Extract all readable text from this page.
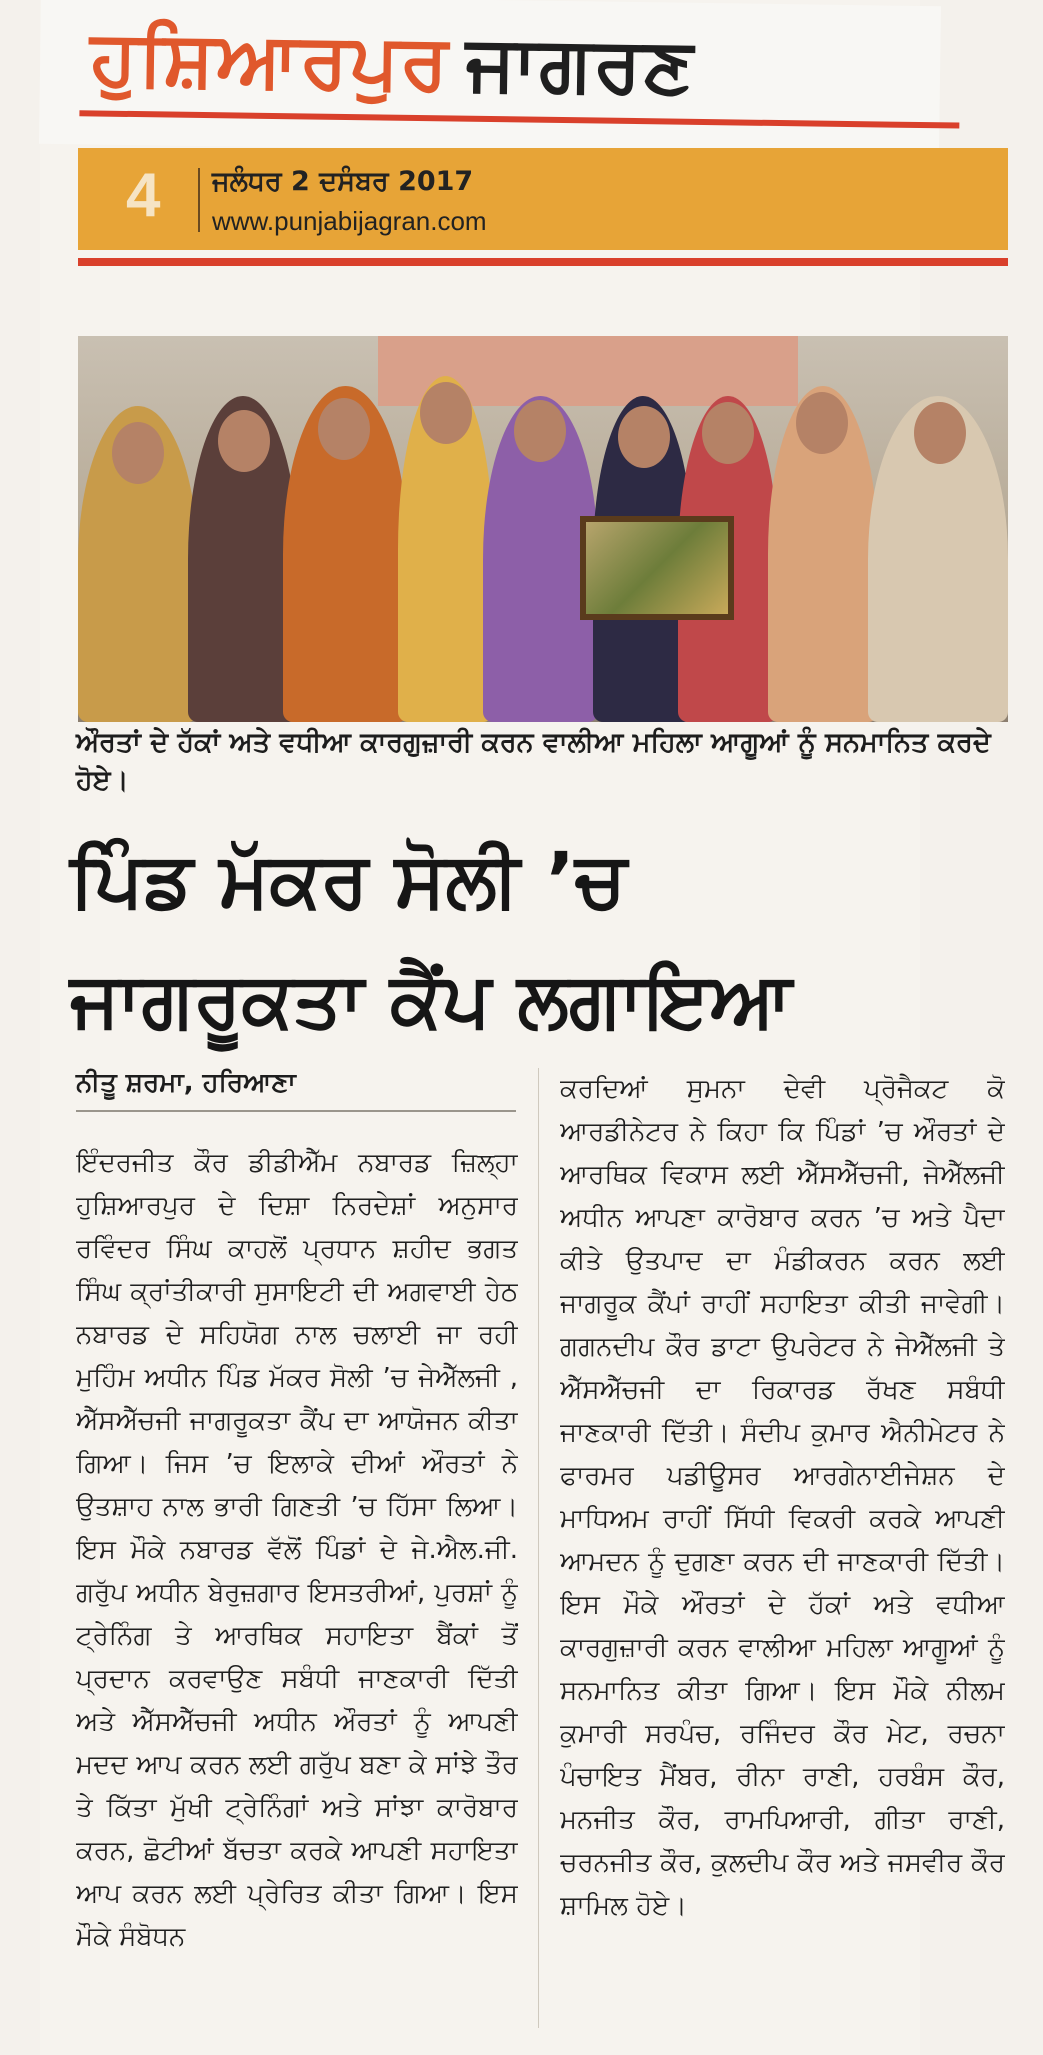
ਹੁਸ਼ਿਆਰਪੁਰ ਜਾਗਰਣ
4 ਜਲੰਧਰ 2 ਦਸੰਬਰ 2017
www.punjabijagran.com
ਔਰਤਾਂ ਦੇ ਹੱਕਾਂ ਅਤੇ ਵਧੀਆ ਕਾਰਗੁਜ਼ਾਰੀ ਕਰਨ ਵਾਲੀਆ ਮਹਿਲਾ ਆਗੂਆਂ ਨੂੰ ਸਨਮਾਨਿਤ ਕਰਦੇ ਹੋਏ।
ਪਿੰਡ ਮੱਕਰ ਸੋਲੀ ’ਚ
ਜਾਗਰੂਕਤਾ ਕੈਂਪ ਲਗਾਇਆ
ਨੀਤੂ ਸ਼ਰਮਾ, ਹਰਿਆਣਾ
ਇੰਦਰਜੀਤ ਕੌਰ ਡੀਡੀਐੱਮ ਨਬਾਰਡ ਜ਼ਿਲ੍ਹਾ ਹੁਸ਼ਿਆਰਪੁਰ ਦੇ ਦਿਸ਼ਾ ਨਿਰਦੇਸ਼ਾਂ ਅਨੁਸਾਰ ਰਵਿੰਦਰ ਸਿੰਘ ਕਾਹਲੋਂ ਪ੍ਰਧਾਨ ਸ਼ਹੀਦ ਭਗਤ ਸਿੰਘ ਕ੍ਰਾਂਤੀਕਾਰੀ ਸੁਸਾਇਟੀ ਦੀ ਅਗਵਾਈ ਹੇਠ ਨਬਾਰਡ ਦੇ ਸਹਿਯੋਗ ਨਾਲ ਚਲਾਈ ਜਾ ਰਹੀ ਮੁਹਿੰਮ ਅਧੀਨ ਪਿੰਡ ਮੱਕਰ ਸੋਲੀ ’ਚ ਜੇਐੱਲਜੀ , ਐੱਸਐੱਚਜੀ ਜਾਗਰੂਕਤਾ ਕੈਂਪ ਦਾ ਆਯੋਜਨ ਕੀਤਾ ਗਿਆ। ਜਿਸ ’ਚ ਇਲਾਕੇ ਦੀਆਂ ਔਰਤਾਂ ਨੇ ਉਤਸ਼ਾਹ ਨਾਲ ਭਾਰੀ ਗਿਣਤੀ ’ਚ ਹਿੱਸਾ ਲਿਆ। ਇਸ ਮੌਕੇ ਨਬਾਰਡ ਵੱਲੋਂ ਪਿੰਡਾਂ ਦੇ ਜੇ.ਐਲ.ਜੀ. ਗਰੁੱਪ ਅਧੀਨ ਬੇਰੁਜ਼ਗਾਰ ਇਸਤਰੀਆਂ, ਪੁਰਸ਼ਾਂ ਨੂੰ ਟ੍ਰੇਨਿੰਗ ਤੇ ਆਰਥਿਕ ਸਹਾਇਤਾ ਬੈਂਕਾਂ ਤੋਂ ਪ੍ਰਦਾਨ ਕਰਵਾਉਣ ਸਬੰਧੀ ਜਾਣਕਾਰੀ ਦਿੱਤੀ ਅਤੇ ਐੱਸਐੱਚਜੀ ਅਧੀਨ ਔਰਤਾਂ ਨੂੰ ਆਪਣੀ ਮਦਦ ਆਪ ਕਰਨ ਲਈ ਗਰੁੱਪ ਬਣਾ ਕੇ ਸਾਂਝੇ ਤੌਰ ਤੇ ਕਿੱਤਾ ਮੁੱਖੀ ਟ੍ਰੇਨਿੰਗਾਂ ਅਤੇ ਸਾਂਝਾ ਕਾਰੋਬਾਰ ਕਰਨ, ਛੋਟੀਆਂ ਬੱਚਤਾ ਕਰਕੇ ਆਪਣੀ ਸਹਾਇਤਾ ਆਪ ਕਰਨ ਲਈ ਪ੍ਰੇਰਿਤ ਕੀਤਾ ਗਿਆ। ਇਸ ਮੌਕੇ ਸੰਬੋਧਨ
ਕਰਦਿਆਂ ਸੁਮਨਾ ਦੇਵੀ ਪ੍ਰੋਜੈਕਟ ਕੋ ਆਰਡੀਨੇਟਰ ਨੇ ਕਿਹਾ ਕਿ ਪਿੰਡਾਂ ’ਚ ਔਰਤਾਂ ਦੇ ਆਰਥਿਕ ਵਿਕਾਸ ਲਈ ਐੱਸਐੱਚਜੀ, ਜੇਐੱਲਜੀ ਅਧੀਨ ਆਪਣਾ ਕਾਰੋਬਾਰ ਕਰਨ ’ਚ ਅਤੇ ਪੈਦਾ ਕੀਤੇ ਉਤਪਾਦ ਦਾ ਮੰਡੀਕਰਨ ਕਰਨ ਲਈ ਜਾਗਰੂਕ ਕੈਂਪਾਂ ਰਾਹੀਂ ਸਹਾਇਤਾ ਕੀਤੀ ਜਾਵੇਗੀ। ਗਗਨਦੀਪ ਕੌਰ ਡਾਟਾ ਉਪਰੇਟਰ ਨੇ ਜੇਐੱਲਜੀ ਤੇ ਐੱਸਐੱਚਜੀ ਦਾ ਰਿਕਾਰਡ ਰੱਖਣ ਸਬੰਧੀ ਜਾਣਕਾਰੀ ਦਿੱਤੀ। ਸੰਦੀਪ ਕੁਮਾਰ ਐਨੀਮੇਟਰ ਨੇ ਫਾਰਮਰ ਪਡੀਊਸਰ ਆਰਗੇਨਾਈਜੇਸ਼ਨ ਦੇ ਮਾਧਿਅਮ ਰਾਹੀਂ ਸਿੱਧੀ ਵਿਕਰੀ ਕਰਕੇ ਆਪਣੀ ਆਮਦਨ ਨੂੰ ਦੁਗਣਾ ਕਰਨ ਦੀ ਜਾਣਕਾਰੀ ਦਿੱਤੀ। ਇਸ ਮੌਕੇ ਔਰਤਾਂ ਦੇ ਹੱਕਾਂ ਅਤੇ ਵਧੀਆ ਕਾਰਗੁਜ਼ਾਰੀ ਕਰਨ ਵਾਲੀਆ ਮਹਿਲਾ ਆਗੂਆਂ ਨੂੰ ਸਨਮਾਨਿਤ ਕੀਤਾ ਗਿਆ। ਇਸ ਮੌਕੇ ਨੀਲਮ ਕੁਮਾਰੀ ਸਰਪੰਚ, ਰਜਿੰਦਰ ਕੌਰ ਮੇਟ, ਰਚਨਾ ਪੰਚਾਇਤ ਮੈਂਬਰ, ਰੀਨਾ ਰਾਣੀ, ਹਰਬੰਸ ਕੌਰ, ਮਨਜੀਤ ਕੌਰ, ਰਾਮਪਿਆਰੀ, ਗੀਤਾ ਰਾਣੀ, ਚਰਨਜੀਤ ਕੌਰ, ਕੁਲਦੀਪ ਕੌਰ ਅਤੇ ਜਸਵੀਰ ਕੌਰ ਸ਼ਾਮਿਲ ਹੋਏ।
